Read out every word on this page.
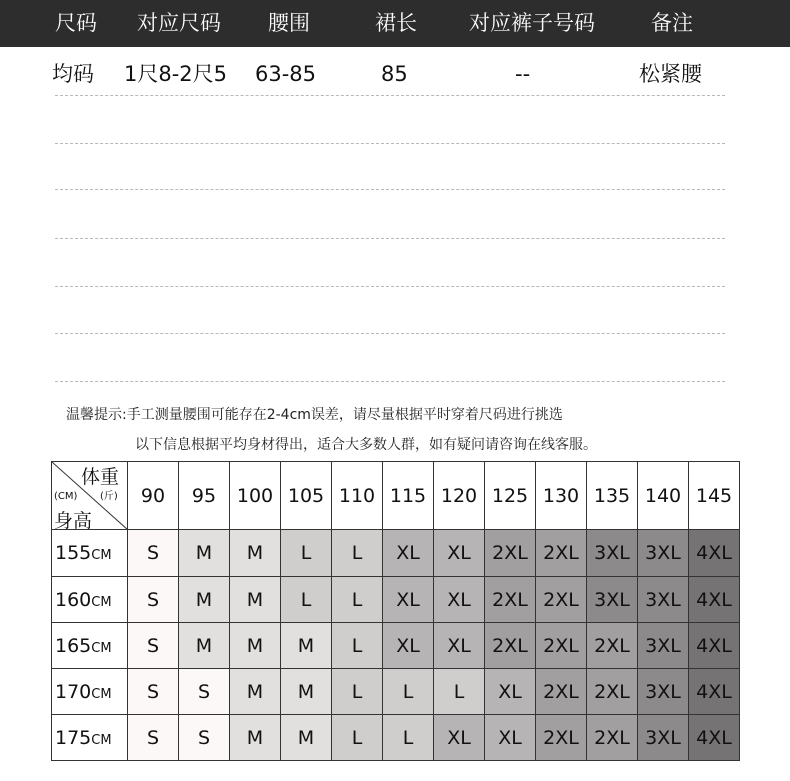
尺码 对应尺码 腰围	裙长 对应裤子号码	备注
均码 1尺8-2尺5 63-85	85	--	松紧腰
温馨提示:手工测量腰围可能存在2-4cm误差，请尽量根据平时穿着尺码进行挑选
以下信息根据平均身材得出，适合大多数人群，如有疑问请咨询在线客服。
体重
(斤)
(CM)
身高	90	95	100	105	110	115	120	125	130	135	140	145
155CM	S	M	M	L	L	XL	XL	2XL	2XL	3XL	3XL	4XL
160CM	S	M	M	L	L	XL	XL	2XL	2XL	3XL	3XL	4XL
165CM	S	M	M	M	L	XL	XL	2XL	2XL	2XL	3XL	4XL
170CM	S	S	M	M	L	L	L	XL	2XL	2XL	3XL	4XL
175CM	S	S	M	M	L	L	XL	XL	2XL	2XL	3XL	4XL
